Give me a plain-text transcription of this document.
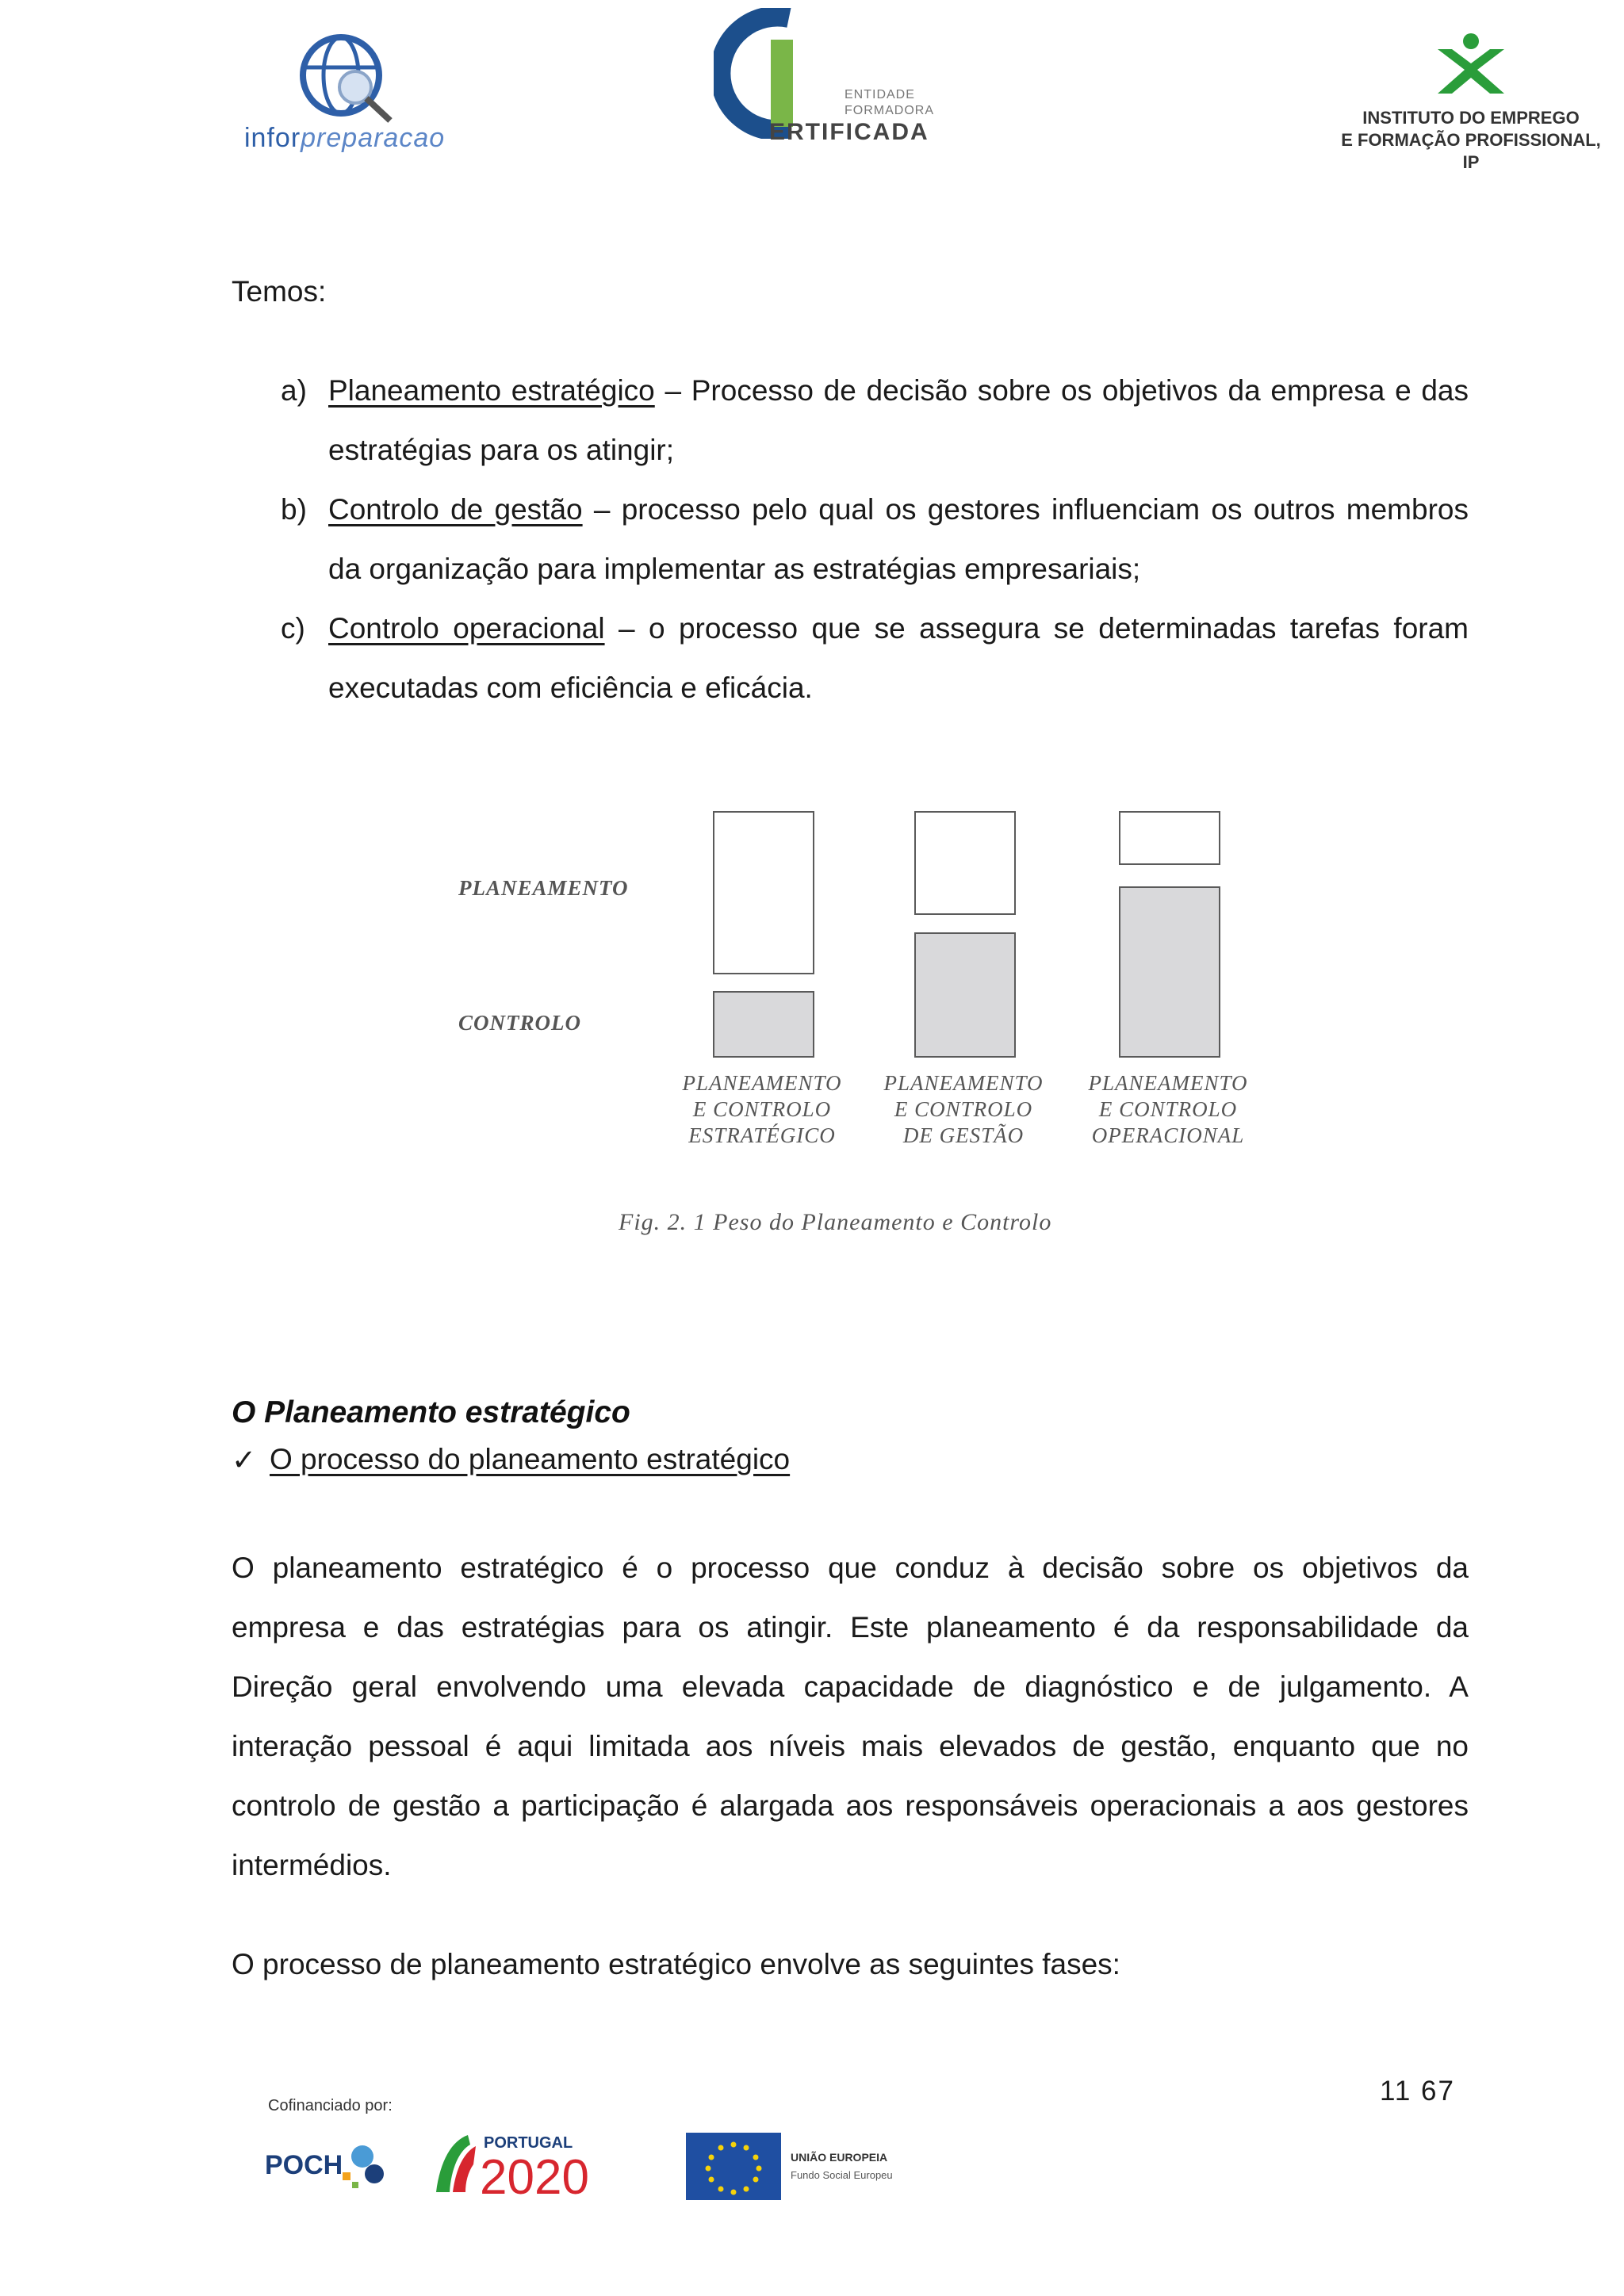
inforpreparacao
DGERT
ENTIDADE
FORMADORA
ERTIFICADA
INSTITUTO DO EMPREGO
E FORMAÇÃO PROFISSIONAL, IP
Temos:
a) Planeamento estratégico – Processo de decisão sobre os objetivos da empresa e das
estratégias para os atingir;
b) Controlo de gestão – processo pelo qual os gestores influenciam os outros membros
da organização para implementar as estratégias empresariais;
c) Controlo operacional – o processo que se assegura se determinadas tarefas foram
executadas com eficiência e eficácia.
PLANEAMENTO
CONTROLO
PLANEAMENTO
E CONTROLO
ESTRATÉGICO
PLANEAMENTO
E CONTROLO
DE GESTÃO
PLANEAMENTO
E CONTROLO
OPERACIONAL
Fig. 2. 1 Peso do Planeamento e Controlo
O Planeamento estratégico
✓ O processo do planeamento estratégico
O planeamento estratégico é o processo que conduz à decisão sobre os objetivos da
empresa e das estratégias para os atingir. Este planeamento é da responsabilidade da
Direção geral envolvendo uma elevada capacidade de diagnóstico e de julgamento. A
interação pessoal é aqui limitada aos níveis mais elevados de gestão, enquanto que no
controlo de gestão a participação é alargada aos responsáveis operacionais a aos gestores
intermédios.
O processo de planeamento estratégico envolve as seguintes fases:
11 67
Cofinanciado por:
POCH
PORTUGAL
2020	UNIÃO EUROPEIA
Fundo Social Europeu
